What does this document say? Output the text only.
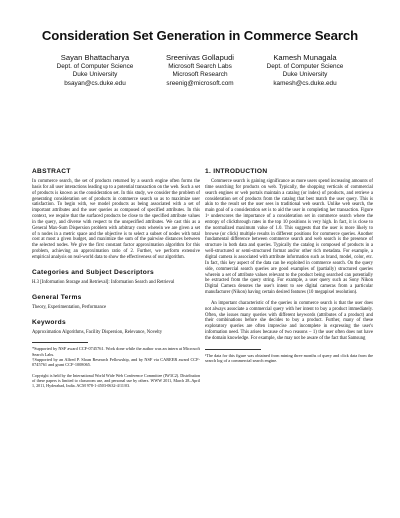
Consideration Set Generation in Commerce Search
Sayan Bhattacharya
Dept. of Computer Science
Duke University
bsayan@cs.duke.edu
Sreenivas Gollapudi
Microsoft Search Labs
Microsoft Research
sreenig@microsoft.com
Kamesh Munagala
Dept. of Computer Science
Duke University
kamesh@cs.duke.edu
ABSTRACT

In commerce search, the set of products returned by a search engine often forms the basis for all user interactions leading up to a potential transaction on the web. Such a set of products is known as the consideration set. In this study, we consider the problem of generating consideration set of products in commerce search so as to maximize user satisfaction. To begin with, we model products as being associated with a set of important attributes and the user queries as composed of specified attributes. In this context, we require that the surfaced products be close to the specified attribute values in the query, and diverse with respect to the unspecified attributes. We cast this as a General Max-Sum Dispersion problem with arbitrary costs wherein we are given a set of n nodes in a metric space and the objective is to select a subset of nodes with total cost at most a given budget, and maximize the sum of the pairwise distances between the selected nodes. We give the first constant factor approximation algorithm for this problem, achieving an approximation ratio of 2. Further, we perform extensive empirical analysis on real-world data to show the effectiveness of our algorithm.

Categories and Subject Descriptors

H.3 [Information Storage and Retrieval]: Information Search and Retrieval

General Terms

Theory, Experimentation, Performance

Keywords

Approximation Algorithms, Facility Dispersion, Relevance, Novelty

*Supported by NSF award CCF-0745761. Work done while the author was an intern at Microsoft Search Labs.

†Supported by an Alfred P. Sloan Research Fellowship, and by NSF via CAREER award CCF-0745761 and grant CCF-1008065.

Copyright is held by the International World Wide Web Conference Committee (IW3C2). Distribution of these papers is limited to classroom use, and personal use by others. WWW 2011, March 28–April 1, 2011, Hyderabad, India. ACM 978-1-4503-0632-4/11/03.

1. INTRODUCTION

Commerce search is gaining significance as more users spend increasing amounts of time searching for products on web. Typically, the shopping verticals of commercial search engines or web portals maintain a catalog (or index) of products, and retrieve a consideration set of products from the catalog that best match the user query. This is akin to the result set the user sees in traditional web search. Unlike web search, the main goal of a consideration set is to aid the user in completing her transaction. Figure 1¹ underscores the importance of a consideration set in commerce search where the entropy of clickthrough rates in the top 10 positions is very high. In fact, it is close to the normalized maximum value of 1.0. This suggests that the user is more likely to browse (or click) multiple results in different positions for commerce queries. Another fundamental difference between commerce search and web search is the presence of structure in both data and queries. Typically the catalog is composed of products in a well-structured or semi-structured format and/or other rich metadata. For example, a digital camera is associated with attribute information such as brand, model, color, etc. In fact, this key aspect of the data can be exploited in commerce search. On the query side, commercial search queries are good examples of (partially) structured queries wherein a set of attribute values relevant to the product being searched can potentially be extracted from the query string. For example, a user query such as Sony Nikon Digital Camera denotes the user's intent to see digital cameras from a particular manufacturer (Nikon) having certain desired features (10 megapixel resolution).

An important characteristic of the queries in commerce search is that the user does not always associate a commercial query with her intent to buy a product immediately. Often, she issues many queries with different keywords (attributes of a product) and their combinations before she decides to buy a product. Further, many of these exploratory queries are often imprecise and incomplete in expressing the user's information need. This arises because of two reasons – 1) the user often does not have the domain knowledge. For example, she may not be aware of the fact that Samsung

¹The data for this figure was obtained from mining three months of query and click data from the search log of a commercial search engine.
